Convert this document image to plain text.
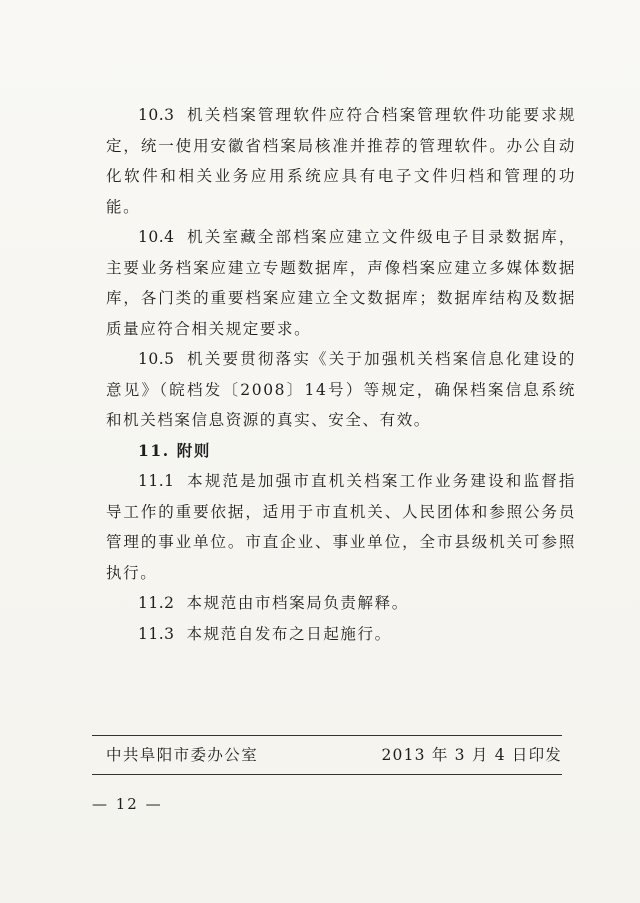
10.3 机关档案管理软件应符合档案管理软件功能要求规定，统一使用安徽省档案局核准并推荐的管理软件。办公自动化软件和相关业务应用系统应具有电子文件归档和管理的功能。

10.4 机关室藏全部档案应建立文件级电子目录数据库，主要业务档案应建立专题数据库，声像档案应建立多媒体数据库，各门类的重要档案应建立全文数据库；数据库结构及数据质量应符合相关规定要求。

10.5 机关要贯彻落实《关于加强机关档案信息化建设的意见》（皖档发〔2008〕14号）等规定，确保档案信息系统和机关档案信息资源的真实、安全、有效。

11. 附则

11.1 本规范是加强市直机关档案工作业务建设和监督指导工作的重要依据，适用于市直机关、人民团体和参照公务员管理的事业单位。市直企业、事业单位，全市县级机关可参照执行。

11.2 本规范由市档案局负责解释。

11.3 本规范自发布之日起施行。

中共阜阳市委办公室	2013 年 3 月 4 日印发
— 12 —
